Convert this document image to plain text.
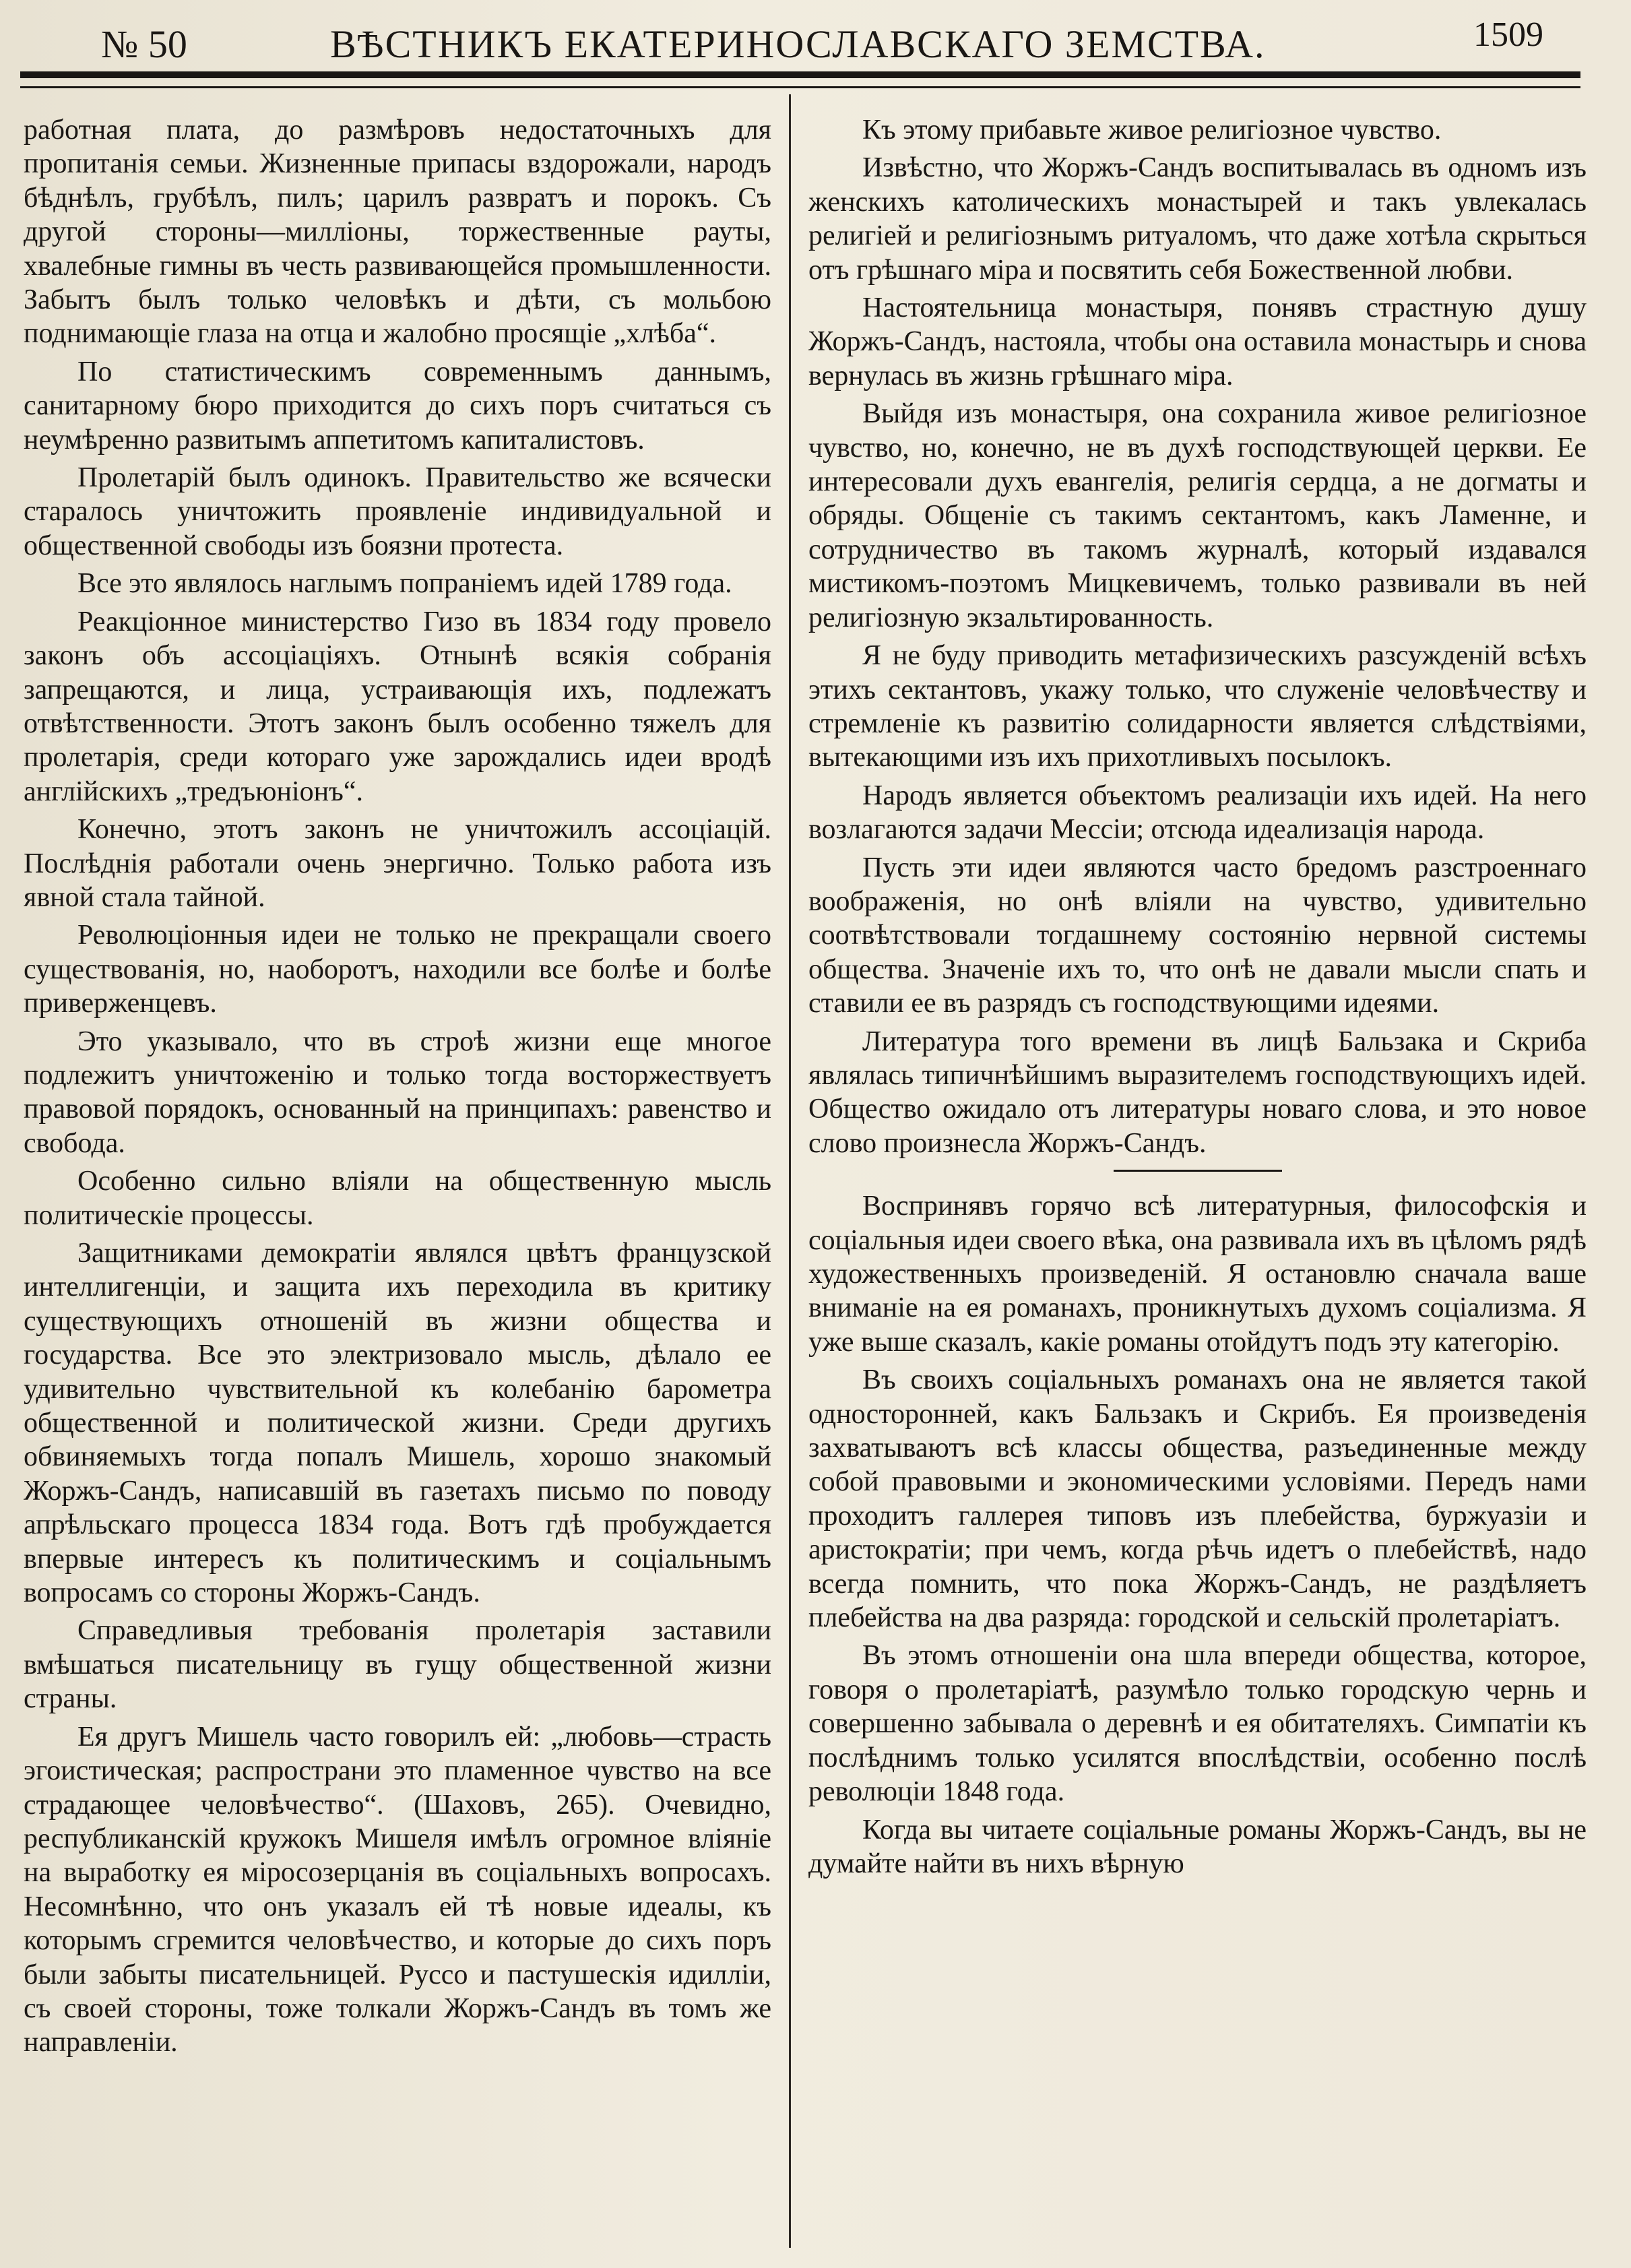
№ 50	ВѢСТНИКЪ ЕКАТЕРИНОСЛАВСКАГО ЗЕМСТВА.	1509

работная плата, до размѣровъ недостаточныхъ для пропитанія семьи. Жизненные припасы вздорожали, народъ бѣднѣлъ, грубѣлъ, пилъ; царилъ развратъ и порокъ. Съ другой стороны—милліоны, торжественные рауты, хвалебные гимны въ честь развивающейся промышленности. Забытъ былъ только человѣкъ и дѣти, съ мольбою поднимающіе глаза на отца и жалобно просящіе „хлѣба“.

По статистическимъ современнымъ даннымъ, санитарному бюро приходится до сихъ поръ считаться съ неумѣренно развитымъ аппетитомъ капиталистовъ.

Пролетарій былъ одинокъ. Правительство же всячески старалось уничтожить проявленіе индивидуальной и общественной свободы изъ боязни протеста.

Все это являлось наглымъ попраніемъ идей 1789 года.

Реакціонное министерство Гизо въ 1834 году провело законъ объ ассоціаціяхъ. Отнынѣ всякія собранія запрещаются, и лица, устраивающія ихъ, подлежатъ отвѣтственности. Этотъ законъ былъ особенно тяжелъ для пролетарія, среди котораго уже зарождались идеи вродѣ англійскихъ „тредъюніонъ“.

Конечно, этотъ законъ не уничтожилъ ассоціацій. Послѣднія работали очень энергично. Только работа изъ явной стала тайной.

Революціонныя идеи не только не прекращали своего существованія, но, наоборотъ, находили все болѣе и болѣе приверженцевъ.

Это указывало, что въ строѣ жизни еще многое подлежитъ уничтоженію и только тогда восторжествуетъ правовой порядокъ, основанный на принципахъ: равенство и свобода.

Особенно сильно вліяли на общественную мысль политическіе процессы.

Защитниками демократіи являлся цвѣтъ французской интеллигенціи, и защита ихъ переходила въ критику существующихъ отношеній въ жизни общества и государства. Все это электризовало мысль, дѣлало ее удивительно чувствительной къ колебанію барометра общественной и политической жизни. Среди другихъ обвиняемыхъ тогда попалъ Мишель, хорошо знакомый Жоржъ-Сандъ, написавшій въ газетахъ письмо по поводу апрѣльскаго процесса 1834 года. Вотъ гдѣ пробуждается впервые интересъ къ политическимъ и соціальнымъ вопросамъ со стороны Жоржъ-Сандъ.

Справедливыя требованія пролетарія заставили вмѣшаться писательницу въ гущу общественной жизни страны.

Ея другъ Мишель часто говорилъ ей: „любовь—страсть эгоистическая; распространи это пламенное чувство на все страдающее человѣчество“. (Шаховъ, 265). Очевидно, республиканскій кружокъ Мишеля имѣлъ огромное вліяніе на выработку ея міросозерцанія въ соціальныхъ вопросахъ. Несомнѣнно, что онъ указалъ ей тѣ новые идеалы, къ которымъ сгремится человѣчество, и которые до сихъ поръ были забыты писательницей. Руссо и пастушескія идилліи, съ своей стороны, тоже толкали Жоржъ-Сандъ въ томъ же направленіи.

Къ этому прибавьте живое религіозное чувство.

Извѣстно, что Жоржъ-Сандъ воспитывалась въ одномъ изъ женскихъ католическихъ монастырей и такъ увлекалась религіей и религіознымъ ритуаломъ, что даже хотѣла скрыться отъ грѣшнаго міра и посвятить себя Божественной любви.

Настоятельница монастыря, понявъ страстную душу Жоржъ-Сандъ, настояла, чтобы она оставила монастырь и снова вернулась въ жизнь грѣшнаго міра.

Выйдя изъ монастыря, она сохранила живое религіозное чувство, но, конечно, не въ духѣ господствующей церкви. Ее интересовали духъ евангелія, религія сердца, а не догматы и обряды. Общеніе съ такимъ сектантомъ, какъ Ламенне, и сотрудничество въ такомъ журналѣ, который издавался мистикомъ-поэтомъ Мицкевичемъ, только развивали въ ней религіозную экзальтированность.

Я не буду приводить метафизическихъ разсужденій всѣхъ этихъ сектантовъ, укажу только, что служеніе человѣчеству и стремленіе къ развитію солидарности является слѣдствіями, вытекающими изъ ихъ прихотливыхъ посылокъ.

Народъ является объектомъ реализаціи ихъ идей. На него возлагаются задачи Мессіи; отсюда идеализація народа.

Пусть эти идеи являются часто бредомъ разстроеннаго воображенія, но онѣ вліяли на чувство, удивительно соотвѣтствовали тогдашнему состоянію нервной системы общества. Значеніе ихъ то, что онѣ не давали мысли спать и ставили ее въ разрядъ съ господствующими идеями.

Литература того времени въ лицѣ Бальзака и Скриба являлась типичнѣйшимъ выразителемъ господствующихъ идей. Общество ожидало отъ литературы новаго слова, и это новое слово произнесла Жоржъ-Сандъ.

Воспринявъ горячо всѣ литературныя, философскія и соціальныя идеи своего вѣка, она развивала ихъ въ цѣломъ рядѣ художественныхъ произведеній. Я остановлю сначала ваше вниманіе на ея романахъ, проникнутыхъ духомъ соціализма. Я уже выше сказалъ, какіе романы отойдутъ подъ эту категорію.

Въ своихъ соціальныхъ романахъ она не является такой односторонней, какъ Бальзакъ и Скрибъ. Ея произведенія захватываютъ всѣ классы общества, разъединенные между собой правовыми и экономическими условіями. Передъ нами проходитъ галлерея типовъ изъ плебейства, буржуазіи и аристократіи; при чемъ, когда рѣчь идетъ о плебействѣ, надо всегда помнить, что пока Жоржъ-Сандъ, не раздѣляетъ плебейства на два разряда: городской и сельскій пролетаріатъ.

Въ этомъ отношеніи она шла впереди общества, которое, говоря о пролетаріатѣ, разумѣло только городскую чернь и совершенно забывала о деревнѣ и ея обитателяхъ. Симпатіи къ послѣднимъ только усилятся впослѣдствіи, особенно послѣ революціи 1848 года.

Когда вы читаете соціальные романы Жоржъ-Сандъ, вы не думайте найти въ нихъ вѣрную
